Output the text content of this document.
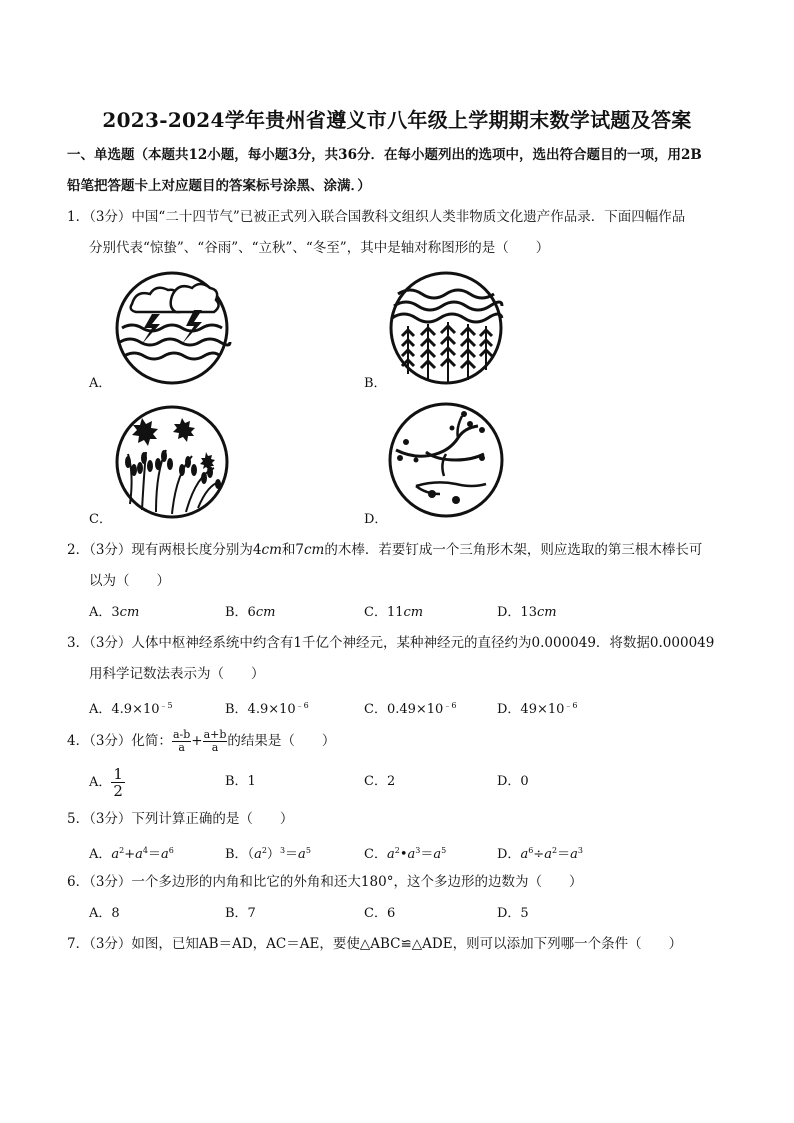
2023-2024学年贵州省遵义市八年级上学期期末数学试题及答案
一、单选题（本题共12小题，每小题3分，共36分．在每小题列出的选项中，选出符合题目的一项，用2B
铅笔把答题卡上对应题目的答案标号涂黑、涂满．）
1．（3分）中国“二十四节气”已被正式列入联合国教科文组织人类非物质文化遗产作品录．下面四幅作品
分别代表“惊蛰”、“谷雨”、“立秋”、“冬至”，其中是轴对称图形的是（　　）
A．	B．
C．	D．
2．（3分）现有两根长度分别为4cm和7cm的木棒．若要钉成一个三角形木架，则应选取的第三根木棒长可
以为（　　）
A．3cm	B．6cm	C．11cm	D．13cm
3．（3分）人体中枢神经系统中约含有1千亿个神经元，某种神经元的直径约为0.000049．将数据0.000049
用科学记数法表示为（　　）
A．$4.9\times 10^{﹣5}$	B．$4.9\times 10^{﹣6}$	C．$0.49\times 10^{﹣6}$	D．$49\times 10^{﹣6}$
4．（3分）化简： $\frac{a-b}{a} + \frac{a+b}{a}$ 的结果是（　　）
A． $\frac{1}{2}$	B．1	C．2	D．0
5．（3分）下列计算正确的是（　　）
A．$a^2+a^4=a^6$	B．$(a^2)^3=a^5$	C．$a^2•a^3=a^5$	D．$a^6\div a^2=a^3$
6．（3分）一个多边形的内角和比它的外角和还大180°，这个多边形的边数为（　　）
A．8	B．7	C．6	D．5
7．（3分）如图，已知AB＝AD，AC＝AE，要使△ABC≌△ADE，则可以添加下列哪一个条件（　　）
